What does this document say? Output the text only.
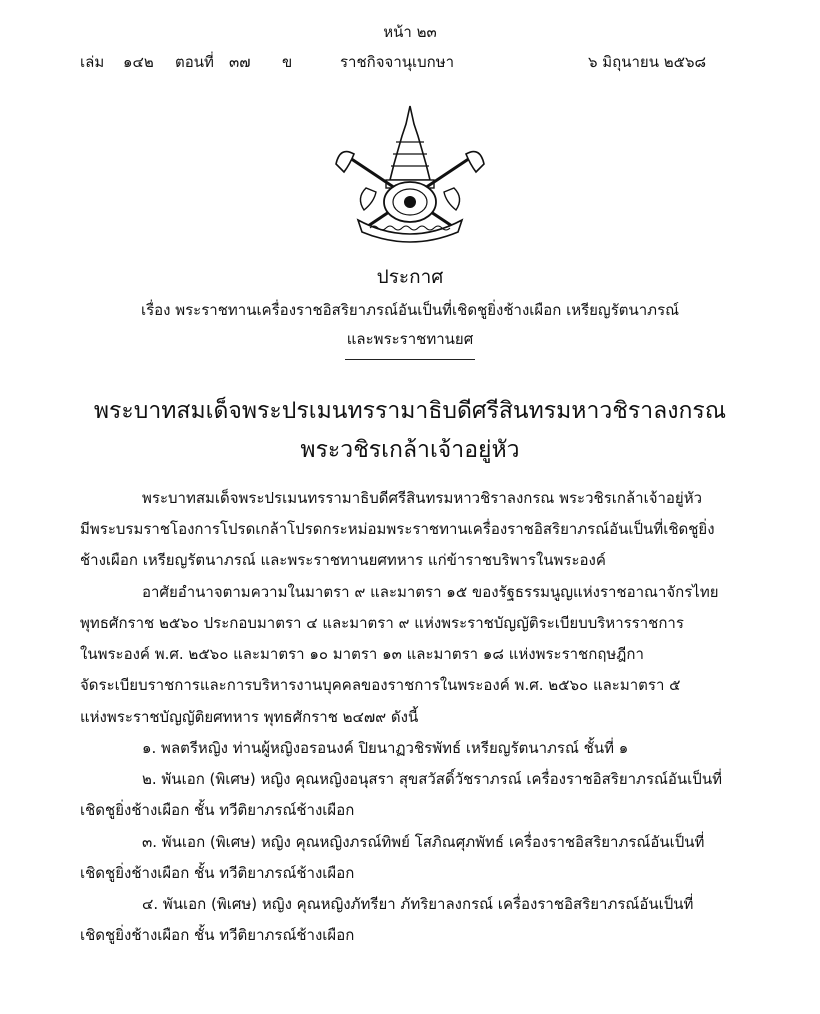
หน้า ๒๓
เล่ม ๑๔๒ ตอนที่ ๓๗ ข	ราชกิจจานุเบกษา	๖ มิถุนายน ๒๕๖๘
ประกาศ
เรื่อง พระราชทานเครื่องราชอิสริยาภรณ์อันเป็นที่เชิดชูยิ่งช้างเผือก เหรียญรัตนาภรณ์
และพระราชทานยศ
พระบาทสมเด็จพระปรเมนทรรามาธิบดีศรีสินทรมหาวชิราลงกรณ
พระวชิรเกล้าเจ้าอยู่หัว
พระบาทสมเด็จพระปรเมนทรรามาธิบดีศรีสินทรมหาวชิราลงกรณ พระวชิรเกล้าเจ้าอยู่หัว
มีพระบรมราชโองการโปรดเกล้าโปรดกระหม่อมพระราชทานเครื่องราชอิสริยาภรณ์อันเป็นที่เชิดชูยิ่ง
ช้างเผือก เหรียญรัตนาภรณ์ และพระราชทานยศทหาร แก่ข้าราชบริพารในพระองค์
อาศัยอำนาจตามความในมาตรา ๙ และมาตรา ๑๕ ของรัฐธรรมนูญแห่งราชอาณาจักรไทย
พุทธศักราช ๒๕๖๐ ประกอบมาตรา ๔ และมาตรา ๙ แห่งพระราชบัญญัติระเบียบบริหารราชการ
ในพระองค์ พ.ศ. ๒๕๖๐ และมาตรา ๑๐ มาตรา ๑๓ และมาตรา ๑๘ แห่งพระราชกฤษฎีกา
จัดระเบียบราชการและการบริหารงานบุคคลของราชการในพระองค์ พ.ศ. ๒๕๖๐ และมาตรา ๕
แห่งพระราชบัญญัติยศทหาร พุทธศักราช ๒๔๗๙ ดังนี้
๑. พลตรีหญิง ท่านผู้หญิงอรอนงค์ ปิยนาฏวชิรพัทธ์ เหรียญรัตนาภรณ์ ชั้นที่ ๑
๒. พันเอก (พิเศษ) หญิง คุณหญิงอนุสรา สุขสวัสดิ์วัชราภรณ์ เครื่องราชอิสริยาภรณ์อันเป็นที่
เชิดชูยิ่งช้างเผือก ชั้น ทวีติยาภรณ์ช้างเผือก
๓. พันเอก (พิเศษ) หญิง คุณหญิงภรณ์ทิพย์ โสภิณศุภพัทธ์ เครื่องราชอิสริยาภรณ์อันเป็นที่
เชิดชูยิ่งช้างเผือก ชั้น ทวีติยาภรณ์ช้างเผือก
๔. พันเอก (พิเศษ) หญิง คุณหญิงภัทรียา ภัทริยาลงกรณ์ เครื่องราชอิสริยาภรณ์อันเป็นที่
เชิดชูยิ่งช้างเผือก ชั้น ทวีติยาภรณ์ช้างเผือก
